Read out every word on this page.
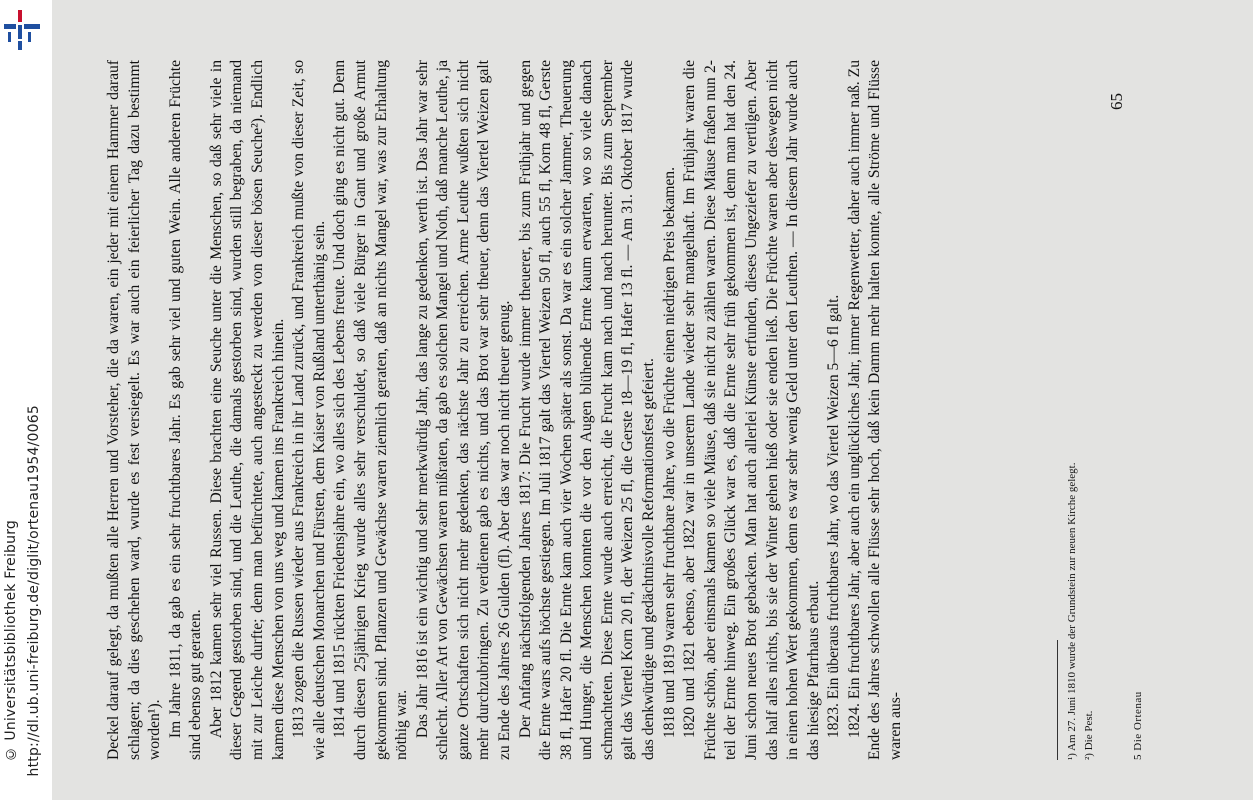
http://dl.ub.uni-freiburg.de/diglit/ortenau1954/0065
© Universitätsbibliothek Freiburg
65

Deckel darauf gelegt, da mußten alle Herren und Vorsteher, die da waren, ein jeder mit einem Hammer darauf schlagen; da dies geschehen ward, wurde es fest versiegelt. Es war auch ein feierlicher Tag dazu bestimmt worden¹). Im Jahre 1811, da gab es ein sehr fruchtbares Jahr. Es gab sehr viel und guten Wein. Alle anderen Früchte sind ebenso gut geraten. Aber 1812 kamen sehr viel Russen. Diese brachten eine Seuche unter die Menschen, so daß sehr viele in dieser Gegend gestorben sind, und die Leuthe, die damals gestorben sind, wurden still begraben, da niemand mit zur Leiche durfte; denn man befürchtete, auch angesteckt zu werden von dieser bösen Seuche²). Endlich kamen diese Menschen von uns weg und kamen ins Frankreich hinein. 1813 zogen die Russen wieder aus Frankreich in ihr Land zurück, und Frankreich mußte von dieser Zeit, so wie alle deutschen Monarchen und Fürsten, dem Kaiser von Rußland unterthänig sein. 1814 und 1815 rückten Friedensjahre ein, wo alles sich des Lebens freute. Und doch ging es nicht gut. Denn durch diesen 25jährigen Krieg wurde alles sehr verschuldet, so daß viele Bürger in Gant und große Armut gekommen sind. Pflanzen und Gewächse waren ziemlich geraten, daß an nichts Mangel war, was zur Erhaltung nöthig war. Das Jahr 1816 ist ein wichtig und sehr merkwürdig Jahr, das lange zu gedenken, werth ist. Das Jahr war sehr schlecht. Aller Art von Gewächsen waren mißraten, da gab es solchen Mangel und Noth, daß manche Leuthe, ja ganze Ortschaften sich nicht mehr gedenken, das nächste Jahr zu erreichen. Arme Leuthe wußten sich nicht mehr durchzubringen. Zu verdienen gab es nichts, und das Brot war sehr theuer, denn das Viertel Weizen galt zu Ende des Jahres 26 Gulden (fl). Aber das war noch nicht theuer genug. Der Anfang nächstfolgenden Jahres 1817: Die Frucht wurde immer theuerer, bis zum Frühjahr und gegen die Ernte wars aufs höchste gestiegen. Im Juli 1817 galt das Viertel Weizen 50 fl, auch 55 fl, Korn 48 fl, Gerste 38 fl, Hafer 20 fl. Die Ernte kam auch vier Wochen später als sonst. Da war es ein solcher Jammer, Theuerung und Hunger, die Menschen konnten die vor den Augen blühende Ernte kaum erwarten, wo so viele danach schmachteten. Diese Ernte wurde auch erreicht, die Frucht kam nach und nach herunter. Bis zum September galt das Viertel Korn 20 fl, der Weizen 25 fl, die Gerste 18—19 fl, Hafer 13 fl. — Am 31. Oktober 1817 wurde das denkwürdige und gedächtnisvolle Reformationsfest gefeiert. 1818 und 1819 waren sehr fruchtbare Jahre, wo die Früchte einen niedrigen Preis bekamen. 1820 und 1821 ebenso, aber 1822 war in unserem Lande wieder sehr mangelhaft. Im Frühjahr waren die Früchte schön, aber einsmals kamen so viele Mäuse, daß sie nicht zu zählen waren. Diese Mäuse fraßen nun 2-teil der Ernte hinweg. Ein großes Glück war es, daß die Ernte sehr früh gekommen ist, denn man hat den 24. Juni schon neues Brot gebacken. Man hat auch allerlei Künste erfunden, dieses Ungeziefer zu vertilgen. Aber das half alles nichts, bis sie der Winter gehen hieß oder sie enden ließ. Die Früchte waren aber deswegen nicht in einen hohen Wert gekommen, denn es war sehr wenig Geld unter den Leuthen. — In diesem Jahr wurde auch das hiesige Pfarrhaus erbaut. 1823. Ein überaus fruchtbares Jahr, wo das Viertel Weizen 5—6 fl galt. 1824. Ein fruchtbares Jahr, aber auch ein unglückliches Jahr, immer Regenwetter, daher auch immer naß. Zu Ende des Jahres schwollen alle Flüsse sehr hoch, daß kein Damm mehr halten konnte, alle Ströme und Flüsse waren aus-	¹) Am 27. Juni 1810 wurde der Grundstein zur neuen Kirche gelegt. ²) Die Pest.	5 Die Ortenau
